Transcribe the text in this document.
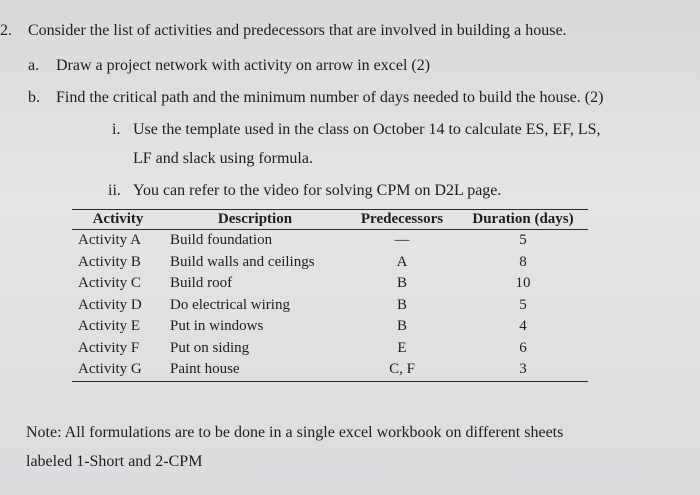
2. Consider the list of activities and predecessors that are involved in building a house.
a. Draw a project network with activity on arrow in excel (2)
b. Find the critical path and the minimum number of days needed to build the house. (2)
i. Use the template used in the class on October 14 to calculate ES, EF, LS,
LF and slack using formula.
ii. You can refer to the video for solving CPM on D2L page.
Activity	Description	Predecessors	Duration (days)
Activity A	Build foundation	—	5
Activity B	Build walls and ceilings	A	8
Activity C	Build roof	B	10
Activity D	Do electrical wiring	B	5
Activity E	Put in windows	B	4
Activity F	Put on siding	E	6
Activity G	Paint house	C, F	3
Note: All formulations are to be done in a single excel workbook on different sheets
labeled 1-Short and 2-CPM
